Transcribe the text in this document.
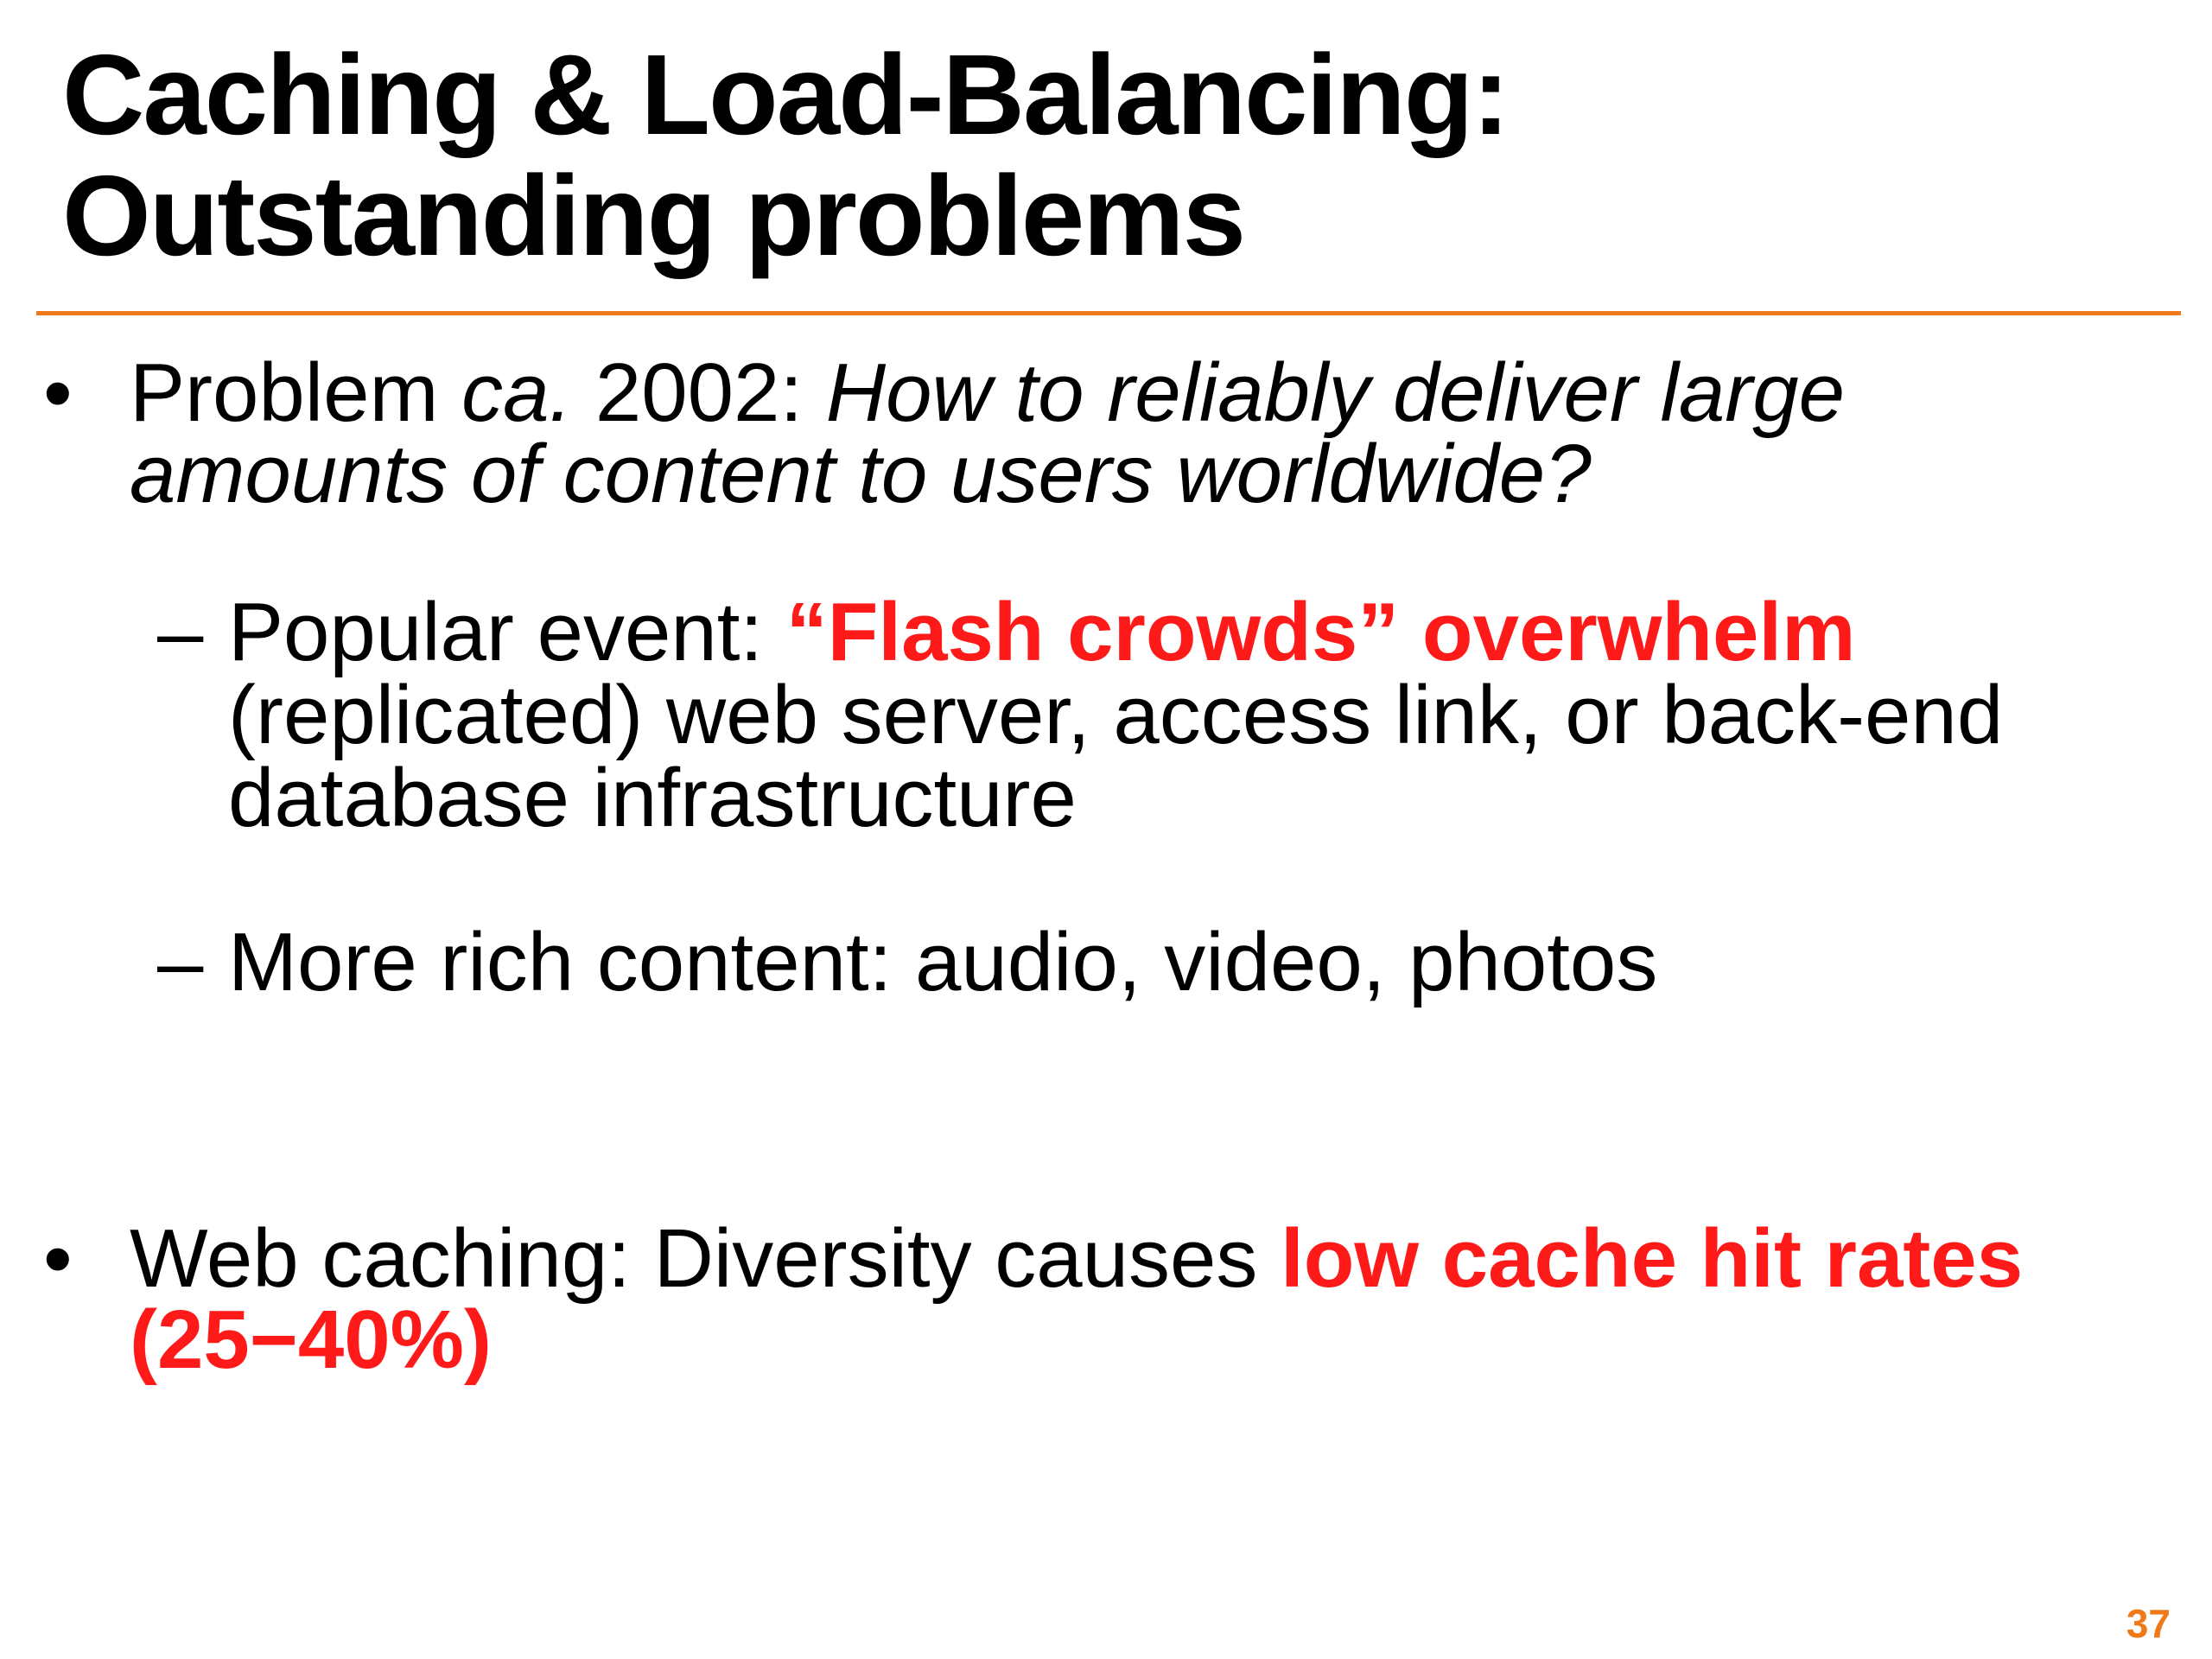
Caching & Load-Balancing:
Outstanding problems
• Problem ca. 2002: How to reliably deliver large
amounts of content to users worldwide?
– Popular event: “Flash crowds” overwhelm
(replicated) web server, access link, or back-end
database infrastructure
– More rich content: audio, video, photos
• Web caching: Diversity causes low cache hit rates
(25−40%)
37
